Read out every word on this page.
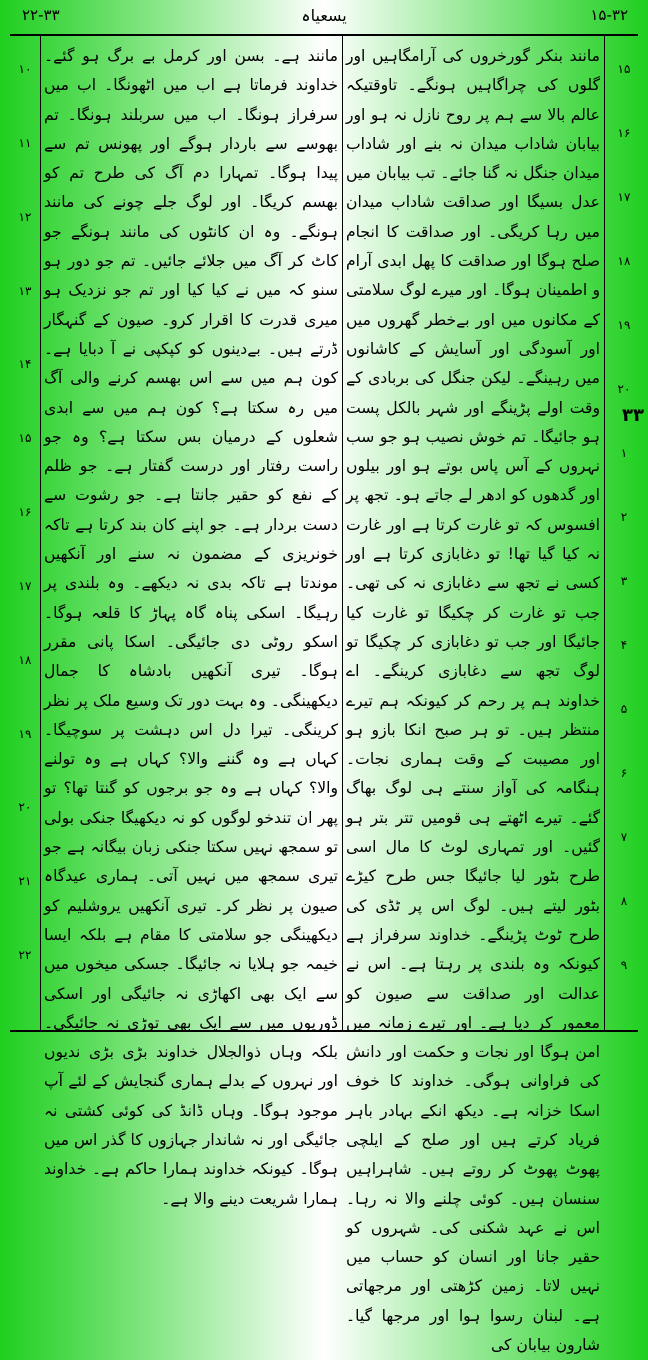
۲۲-۳۳	یسعیاہ	۱۵-۳۲
۱۰
۱۱
۱۲
۱۳
۱۴
۱۵
۱۶
۱۷
۱۸
۱۹
۲۰
۲۱
۲۲
۱۵
۱۶
۱۷
۱۸
۱۹
۲۰
۱
۲
۳
۴
۵
۶
۷
۸
۹
۳۳

مانند ہے۔ بسن اور کرمل بے برگ ہو گئے۔ خداوند فرماتا ہے اب میں اٹھونگا۔ اب میں سرفراز ہونگا۔ اب میں سربلند ہونگا۔ تم بھوسے سے باردار ہوگے اور پھونس تم سے پیدا ہوگا۔ تمہارا دم آگ کی طرح تم کو بھسم کریگا۔ اور لوگ جلے چونے کی مانند ہونگے۔ وہ ان کانٹوں کی مانند ہونگے جو کاٹ کر آگ میں جلائے جائیں۔ تم جو دور ہو سنو کہ میں نے کیا کیا اور تم جو نزدیک ہو میری قدرت کا اقرار کرو۔ صیون کے گنہگار ڈرتے ہیں۔ بےدینوں کو کپکپی نے آ دبایا ہے۔ کون ہم میں سے اس بھسم کرنے والی آگ میں رہ سکتا ہے؟ کون ہم میں سے ابدی شعلوں کے درمیان بس سکتا ہے؟ وہ جو راست رفتار اور درست گفتار ہے۔ جو ظلم کے نفع کو حقیر جانتا ہے۔ جو رشوت سے دست بردار ہے۔ جو اپنے کان بند کرتا ہے تاکہ خونریزی کے مضمون نہ سنے اور آنکھیں موندتا ہے تاکہ بدی نہ دیکھے۔ وہ بلندی پر رہیگا۔ اسکی پناہ گاہ پہاڑ کا قلعہ ہوگا۔ اسکو روٹی دی جائیگی۔ اسکا پانی مقرر ہوگا۔ تیری آنکھیں بادشاہ کا جمال دیکھینگی۔ وہ بہت دور تک وسیع ملک پر نظر کرینگی۔ تیرا دل اس دہشت پر سوچیگا۔ کہاں ہے وہ گننے والا؟ کہاں ہے وہ تولنے والا؟ کہاں ہے وہ جو برجوں کو گنتا تھا؟ تو پھر ان تندخو لوگوں کو نہ دیکھیگا جنکی بولی تو سمجھ نہیں سکتا جنکی زبان بیگانہ ہے جو تیری سمجھ میں نہیں آتی۔ ہماری عیدگاہ صیون پر نظر کر۔ تیری آنکھیں یروشلیم کو دیکھینگی جو سلامتی کا مقام ہے بلکہ ایسا خیمہ جو ہلایا نہ جائیگا۔ جسکی میخوں میں سے ایک بھی اکھاڑی نہ جائیگی اور اسکی ڈوریوں میں سے ایک بھی توڑی نہ جائیگی۔ بلکہ وہاں ذوالجلال خداوند بڑی بڑی ندیوں اور نہروں کے بدلے ہماری گنجایش کے لئے آپ موجود ہوگا۔ وہاں ڈانڈ کی کوئی کشتی نہ جائیگی اور نہ شاندار جہازوں کا گذر اس میں ہوگا۔ کیونکہ خداوند ہمارا حاکم ہے۔ خداوند ہمارا شریعت دینے والا ہے۔

مانند بنکر گورخروں کی آرامگاہیں اور گلوں کی چراگاہیں ہونگے۔ تاوقتیکہ عالم بالا سے ہم پر روح نازل نہ ہو اور بیابان شاداب میدان نہ بنے اور شاداب میدان جنگل نہ گنا جائے۔ تب بیابان میں عدل بسیگا اور صداقت شاداب میدان میں رہا کریگی۔ اور صداقت کا انجام صلح ہوگا اور صداقت کا پھل ابدی آرام و اطمینان ہوگا۔ اور میرے لوگ سلامتی کے مکانوں میں اور بےخطر گھروں میں اور آسودگی اور آسایش کے کاشانوں میں رہینگے۔ لیکن جنگل کی بربادی کے وقت اولے پڑینگے اور شہر بالکل پست ہو جائیگا۔ تم خوش نصیب ہو جو سب نہروں کے آس پاس بوتے ہو اور بیلوں اور گدھوں کو ادھر لے جاتے ہو۔ تجھ پر افسوس کہ تو غارت کرتا ہے اور غارت نہ کیا گیا تھا! تو دغابازی کرتا ہے اور کسی نے تجھ سے دغابازی نہ کی تھی۔ جب تو غارت کر چکیگا تو غارت کیا جائیگا اور جب تو دغابازی کر چکیگا تو لوگ تجھ سے دغابازی کرینگے۔ اے خداوند ہم پر رحم کر کیونکہ ہم تیرے منتظر ہیں۔ تو ہر صبح انکا بازو ہو اور مصیبت کے وقت ہماری نجات۔ ہنگامہ کی آواز سنتے ہی لوگ بھاگ گئے۔ تیرے اٹھتے ہی قومیں تتر بتر ہو گئیں۔ اور تمہاری لوٹ کا مال اسی طرح بٹور لیا جائیگا جس طرح کیڑے بٹور لیتے ہیں۔ لوگ اس پر ٹڈی کی طرح ٹوٹ پڑینگے۔ خداوند سرفراز ہے کیونکہ وہ بلندی پر رہتا ہے۔ اس نے عدالت اور صداقت سے صیون کو معمور کر دیا ہے۔ اور تیرے زمانہ میں امن ہوگا اور نجات و حکمت اور دانش کی فراوانی ہوگی۔ خداوند کا خوف اسکا خزانہ ہے۔ دیکھ انکے بہادر باہر فریاد کرتے ہیں اور صلح کے ایلچی پھوٹ پھوٹ کر روتے ہیں۔ شاہراہیں سنسان ہیں۔ کوئی چلنے والا نہ رہا۔ اس نے عہد شکنی کی۔ شہروں کو حقیر جانا اور انسان کو حساب میں نہیں لاتا۔ زمین کڑھتی اور مرجھاتی ہے۔ لبنان رسوا ہوا اور مرجھا گیا۔ شارون بیابان کی
